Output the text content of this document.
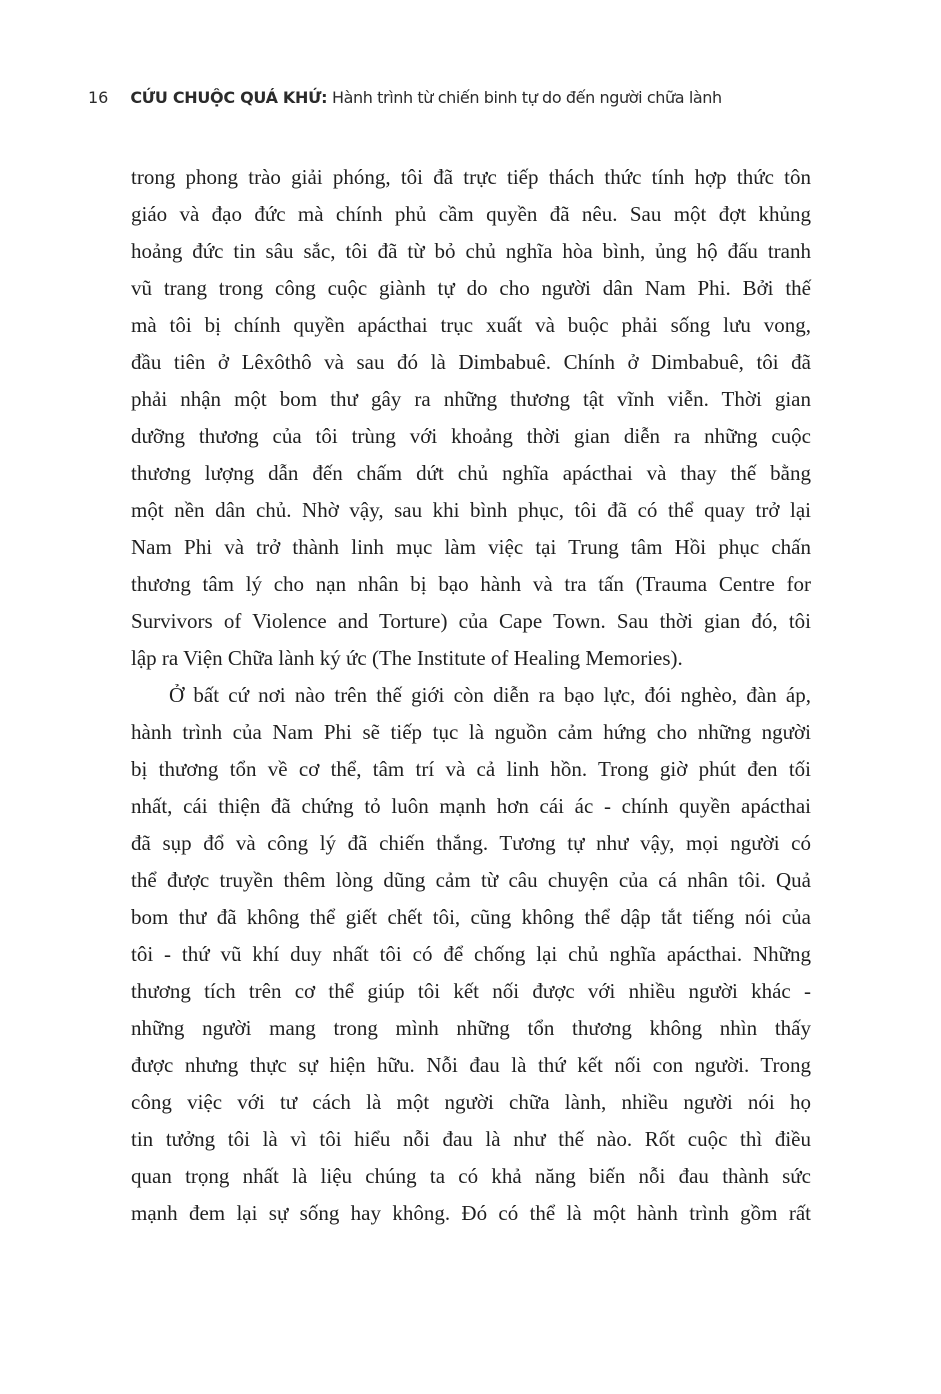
16 CỨU CHUỘC QUÁ KHỨ: Hành trình từ chiến binh tự do đến người chữa lành

trong phong trào giải phóng, tôi đã trực tiếp thách thức tính hợp thức tôn
giáo và đạo đức mà chính phủ cầm quyền đã nêu. Sau một đợt khủng
hoảng đức tin sâu sắc, tôi đã từ bỏ chủ nghĩa hòa bình, ủng hộ đấu tranh
vũ trang trong công cuộc giành tự do cho người dân Nam Phi. Bởi thế
mà tôi bị chính quyền apácthai trục xuất và buộc phải sống lưu vong,
đầu tiên ở Lêxôthô và sau đó là Dimbabuê. Chính ở Dimbabuê, tôi đã
phải nhận một bom thư gây ra những thương tật vĩnh viễn. Thời gian
dưỡng thương của tôi trùng với khoảng thời gian diễn ra những cuộc
thương lượng dẫn đến chấm dứt chủ nghĩa apácthai và thay thế bằng
một nền dân chủ. Nhờ vậy, sau khi bình phục, tôi đã có thể quay trở lại
Nam Phi và trở thành linh mục làm việc tại Trung tâm Hồi phục chấn
thương tâm lý cho nạn nhân bị bạo hành và tra tấn (Trauma Centre for
Survivors of Violence and Torture) của Cape Town. Sau thời gian đó, tôi
lập ra Viện Chữa lành ký ức (The Institute of Healing Memories).

Ở bất cứ nơi nào trên thế giới còn diễn ra bạo lực, đói nghèo, đàn áp,
hành trình của Nam Phi sẽ tiếp tục là nguồn cảm hứng cho những người
bị thương tổn về cơ thể, tâm trí và cả linh hồn. Trong giờ phút đen tối
nhất, cái thiện đã chứng tỏ luôn mạnh hơn cái ác - chính quyền apácthai
đã sụp đổ và công lý đã chiến thắng. Tương tự như vậy, mọi người có
thể được truyền thêm lòng dũng cảm từ câu chuyện của cá nhân tôi. Quả
bom thư đã không thể giết chết tôi, cũng không thể dập tắt tiếng nói của
tôi - thứ vũ khí duy nhất tôi có để chống lại chủ nghĩa apácthai. Những
thương tích trên cơ thể giúp tôi kết nối được với nhiều người khác -
những người mang trong mình những tổn thương không nhìn thấy
được nhưng thực sự hiện hữu. Nỗi đau là thứ kết nối con người. Trong
công việc với tư cách là một người chữa lành, nhiều người nói họ
tin tưởng tôi là vì tôi hiểu nỗi đau là như thế nào. Rốt cuộc thì điều
quan trọng nhất là liệu chúng ta có khả năng biến nỗi đau thành sức
mạnh đem lại sự sống hay không. Đó có thể là một hành trình gồm rất
